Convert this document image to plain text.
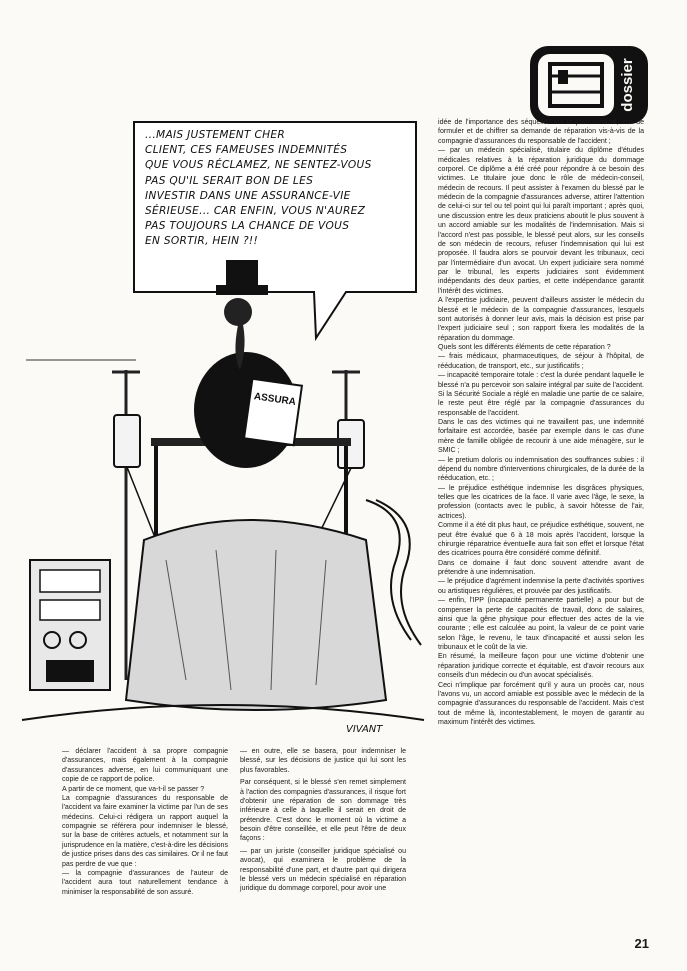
dossier
ASSURA
VIVANT
...MAIS JUSTEMENT CHER
CLIENT, CES FAMEUSES INDEMNITÉS
QUE VOUS RÉCLAMEZ, NE SENTEZ-VOUS
PAS QU'IL SERAIT BON DE LES
INVESTIR DANS UNE ASSURANCE-VIE
SÉRIEUSE... CAR ENFIN, VOUS N'AUREZ
PAS TOUJOURS LA CHANCE DE VOUS
EN SORTIR, HEIN ?!!

— déclarer l'accident à sa propre compagnie d'assurances, mais également à la compagnie d'assurances adverse, en lui communiquant une copie de ce rapport de police.

A partir de ce moment, que va-t-il se passer ?

La compagnie d'assurances du responsable de l'accident va faire examiner la victime par l'un de ses médecins. Celui-ci rédigera un rapport auquel la compagnie se référera pour indemniser le blessé, sur la base de critères actuels, et notamment sur la jurisprudence en la matière, c'est-à-dire les décisions de justice prises dans des cas similaires. Or il ne faut pas perdre de vue que :

— la compagnie d'assurances de l'auteur de l'accident aura tout naturellement tendance à minimiser la responsabilité de son assuré.

— en outre, elle se basera, pour indemniser le blessé, sur les décisions de justice qui lui sont les plus favorables.

Par conséquent, si le blessé s'en remet simplement à l'action des compagnies d'assurances, il risque fort d'obtenir une réparation de son dommage très inférieure à celle à laquelle il serait en droit de prétendre. C'est donc le moment où la victime a besoin d'être conseillée, et elle peut l'être de deux façons :

— par un juriste (conseiller juridique spécialisé ou avocat), qui examinera le problème de la responsabilité d'une part, et d'autre part qui dirigera le blessé vers un médecin spécialisé en réparation juridique du dommage corporel, pour avoir une

idée de l'importance des séquelles sur le plan médical, afin de formuler et de chiffrer sa demande de réparation vis-à-vis de la compagnie d'assurances du responsable de l'accident ;

— par un médecin spécialisé, titulaire du diplôme d'études médicales relatives à la réparation juridique du dommage corporel. Ce diplôme a été créé pour répondre à ce besoin des victimes. Le titulaire joue donc le rôle de médecin-conseil, médecin de recours. Il peut assister à l'examen du blessé par le médecin de la compagnie d'assurances adverse, attirer l'attention de celui-ci sur tel ou tel point qui lui paraît important ; après quoi, une discussion entre les deux praticiens aboutit le plus souvent à un accord amiable sur les modalités de l'indemnisation. Mais si l'accord n'est pas possible, le blessé peut alors, sur les conseils de son médecin de recours, refuser l'indemnisation qui lui est proposée. Il faudra alors se pourvoir devant les tribunaux, ceci par l'intermédiaire d'un avocat. Un expert judiciaire sera nommé par le tribunal, les experts judiciaires sont évidemment indépendants des deux parties, et cette indépendance garantit l'intérêt des victimes.

A l'expertise judiciaire, peuvent d'ailleurs assister le médecin du blessé et le médecin de la compagnie d'assurances, lesquels sont autorisés à donner leur avis, mais la décision est prise par l'expert judiciaire seul ; son rapport fixera les modalités de la réparation du dommage.

Quels sont les différents éléments de cette réparation ?

— frais médicaux, pharmaceutiques, de séjour à l'hôpital, de rééducation, de transport, etc., sur justificatifs ;

— incapacité temporaire totale : c'est la durée pendant laquelle le blessé n'a pu percevoir son salaire intégral par suite de l'accident. Si la Sécurité Sociale a réglé en maladie une partie de ce salaire, le reste peut être réglé par la compagnie d'assurances du responsable de l'accident.

Dans le cas des victimes qui ne travaillent pas, une indemnité forfaitaire est accordée, basée par exemple dans le cas d'une mère de famille obligée de recourir à une aide ménagère, sur le SMIC ;

— le pretium doloris ou indemnisation des souffrances subies : il dépend du nombre d'interventions chirurgicales, de la durée de la rééducation, etc. ;

— le préjudice esthétique indemnise les disgrâces physiques, telles que les cicatrices de la face. Il varie avec l'âge, le sexe, la profession (contacts avec le public, à savoir hôtesse de l'air, actrices).

Comme il a été dit plus haut, ce préjudice esthétique, souvent, ne peut être évalué que 6 à 18 mois après l'accident, lorsque la chirurgie réparatrice éventuelle aura fait son effet et lorsque l'état des cicatrices pourra être considéré comme définitif.

Dans ce domaine il faut donc souvent attendre avant de prétendre à une indemnisation.

— le préjudice d'agrément indemnise la perte d'activités sportives ou artistiques régulières, et prouvée par des justificatifs.

— enfin, l'IPP (incapacité permanente partielle) a pour but de compenser la perte de capacités de travail, donc de salaires, ainsi que la gêne physique pour effectuer des actes de la vie courante ; elle est calculée au point, la valeur de ce point varie selon l'âge, le revenu, le taux d'incapacité et aussi selon les tribunaux et le coût de la vie.

En résumé, la meilleure façon pour une victime d'obtenir une réparation juridique correcte et équitable, est d'avoir recours aux conseils d'un médecin ou d'un avocat spécialisés.

Ceci n'implique par forcément qu'il y aura un procès car, nous l'avons vu, un accord amiable est possible avec le médecin de la compagnie d'assurances du responsable de l'accident. Mais c'est tout de même là, incontestablement, le moyen de garantir au maximum l'intérêt des victimes.

21
